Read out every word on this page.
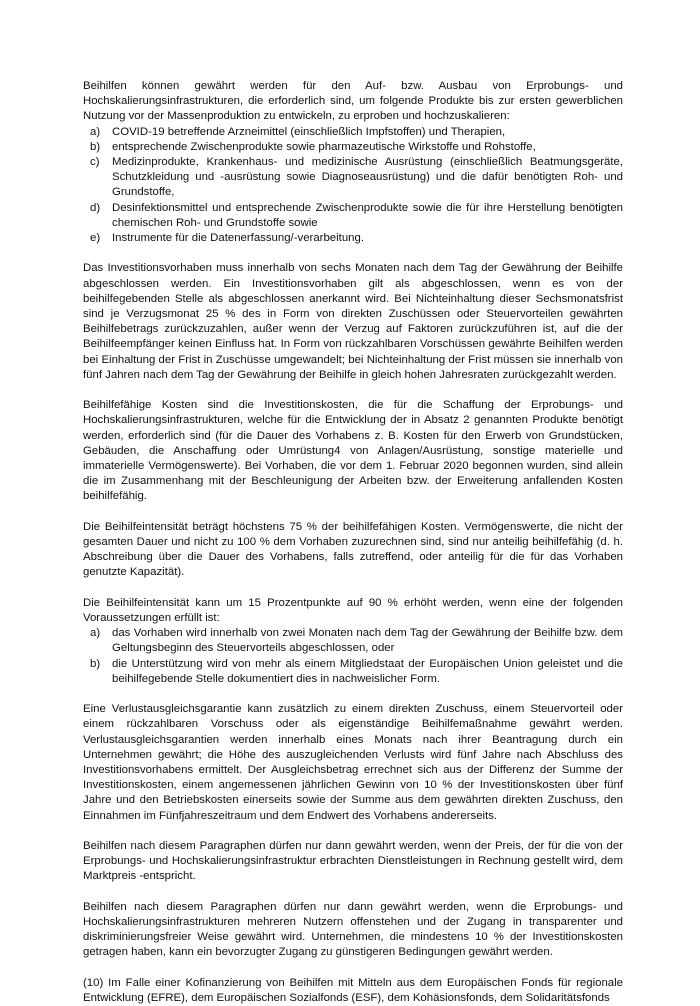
Beihilfen können gewährt werden für den Auf- bzw. Ausbau von Erprobungs- und Hochskalierungsinfrastrukturen, die erforderlich sind, um folgende Produkte bis zur ersten gewerblichen Nutzung vor der Massenproduktion zu entwickeln, zu erproben und hochzuskalieren:

a) COVID-19 betreffende Arzneimittel (einschließlich Impfstoffen) und Therapien,
b) entsprechende Zwischenprodukte sowie pharmazeutische Wirkstoffe und Rohstoffe,
c) Medizinprodukte, Krankenhaus- und medizinische Ausrüstung (einschließlich Beatmungsgeräte, Schutzkleidung und -ausrüstung sowie Diagnoseausrüstung) und die dafür benötigten Roh- und Grundstoffe,
d) Desinfektionsmittel und entsprechende Zwischenprodukte sowie die für ihre Herstellung benötigten chemischen Roh- und Grundstoffe sowie
e) Instrumente für die Datenerfassung/-verarbeitung.

Das Investitionsvorhaben muss innerhalb von sechs Monaten nach dem Tag der Gewährung der Beihilfe abgeschlossen werden. Ein Investitionsvorhaben gilt als abgeschlossen, wenn es von der beihilfegebenden Stelle als abgeschlossen anerkannt wird. Bei Nichteinhaltung dieser Sechsmonatsfrist sind je Verzugsmonat 25 % des in Form von direkten Zuschüssen oder Steuervorteilen gewährten Beihilfebetrags zurückzuzahlen, außer wenn der Verzug auf Faktoren zurückzuführen ist, auf die der Beihilfeempfänger keinen Einfluss hat. In Form von rückzahlbaren Vorschüssen gewährte Beihilfen werden bei Einhaltung der Frist in Zuschüsse umgewandelt; bei Nichteinhaltung der Frist müssen sie innerhalb von fünf Jahren nach dem Tag der Gewährung der Beihilfe in gleich hohen Jahresraten zurückgezahlt werden.

Beihilfefähige Kosten sind die Investitionskosten, die für die Schaffung der Erprobungs- und Hochskalierungsinfrastrukturen, welche für die Entwicklung der in Absatz 2 genannten Produkte benötigt werden, erforderlich sind (für die Dauer des Vorhabens z. B. Kosten für den Erwerb von Grundstücken, Gebäuden, die Anschaffung oder Umrüstung4 von Anlagen/Ausrüstung, sonstige materielle und immaterielle Vermögenswerte). Bei Vorhaben, die vor dem 1. Februar 2020 begonnen wurden, sind allein die im Zusammenhang mit der Beschleunigung der Arbeiten bzw. der Erweiterung anfallenden Kosten beihilfefähig.

Die Beihilfeintensität beträgt höchstens 75 % der beihilfefähigen Kosten. Vermögenswerte, die nicht der gesamten Dauer und nicht zu 100 % dem Vorhaben zuzurechnen sind, sind nur anteilig beihilfefähig (d. h. Abschreibung über die Dauer des Vorhabens, falls zutreffend, oder anteilig für die für das Vorhaben genutzte Kapazität).

Die Beihilfeintensität kann um 15 Prozentpunkte auf 90 % erhöht werden, wenn eine der folgenden Voraussetzungen erfüllt ist:

a) das Vorhaben wird innerhalb von zwei Monaten nach dem Tag der Gewährung der Beihilfe bzw. dem Geltungsbeginn des Steuervorteils abgeschlossen, oder
b) die Unterstützung wird von mehr als einem Mitgliedstaat der Europäischen Union geleistet und die beihilfegebende Stelle dokumentiert dies in nachweislicher Form.

Eine Verlustausgleichsgarantie kann zusätzlich zu einem direkten Zuschuss, einem Steuervorteil oder einem rückzahlbaren Vorschuss oder als eigenständige Beihilfemaßnahme gewährt werden. Verlustausgleichsgarantien werden innerhalb eines Monats nach ihrer Beantragung durch ein Unternehmen gewährt; die Höhe des auszugleichenden Verlusts wird fünf Jahre nach Abschluss des Investitionsvorhabens ermittelt. Der Ausgleichsbetrag errechnet sich aus der Differenz der Summe der Investitionskosten, einem angemessenen jährlichen Gewinn von 10 % der Investitionskosten über fünf Jahre und den Betriebskosten einerseits sowie der Summe aus dem gewährten direkten Zuschuss, den Einnahmen im Fünfjahreszeitraum und dem Endwert des Vorhabens andererseits.

Beihilfen nach diesem Paragraphen dürfen nur dann gewährt werden, wenn der Preis, der für die von der Erprobungs- und Hochskalierungsinfrastruktur erbrachten Dienstleistungen in Rechnung gestellt wird, dem Marktpreis -entspricht.

Beihilfen nach diesem Paragraphen dürfen nur dann gewährt werden, wenn die Erprobungs- und Hochskalierungsinfrastrukturen mehreren Nutzern offenstehen und der Zugang in transparenter und diskriminierungsfreier Weise gewährt wird. Unternehmen, die mindestens 10 % der Investitionskosten getragen haben, kann ein bevorzugter Zugang zu günstigeren Bedingungen gewährt werden.

(10) Im Falle einer Kofinanzierung von Beihilfen mit Mitteln aus dem Europäischen Fonds für regionale Entwicklung (EFRE), dem Europäischen Sozialfonds (ESF), dem Kohäsionsfonds, dem Solidaritätsfonds
